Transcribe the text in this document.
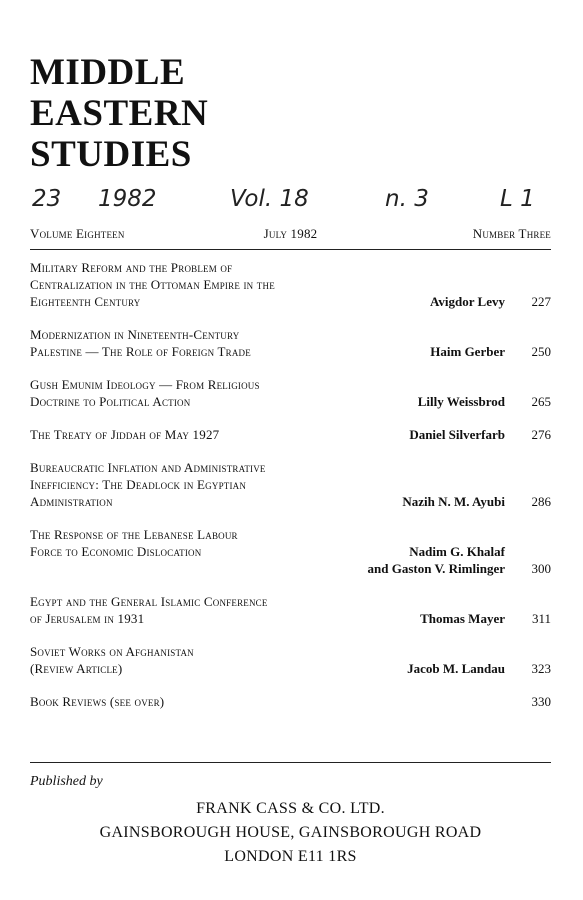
MIDDLE
EASTERN
STUDIES
23 1982	Vol. 18	n. 3	L 1
Volume Eighteen	July 1982	Number Three
Military Reform and the Problem of
Centralization in the Ottoman Empire in the
Eighteenth Century	Avigdor Levy	227
Modernization in Nineteenth-Century
Palestine — The Role of Foreign Trade	Haim Gerber	250
Gush Emunim Ideology — From Religious
Doctrine to Political Action	Lilly Weissbrod	265
The Treaty of Jiddah of May 1927	Daniel Silverfarb	276
Bureaucratic Inflation and Administrative
Inefficiency: The Deadlock in Egyptian
Administration	Nazih N. M. Ayubi	286
The Response of the Lebanese Labour
Force to Economic Dislocation
	Nadim G. Khalaf
and Gaston V. Rimlinger	300
Egypt and the General Islamic Conference
of Jerusalem in 1931	Thomas Mayer	311
Soviet Works on Afghanistan
(Review Article)	Jacob M. Landau	323
Book Reviews (see over)	330
Published by
FRANK CASS & CO. LTD.
GAINSBOROUGH HOUSE, GAINSBOROUGH ROAD
LONDON E11 1RS
